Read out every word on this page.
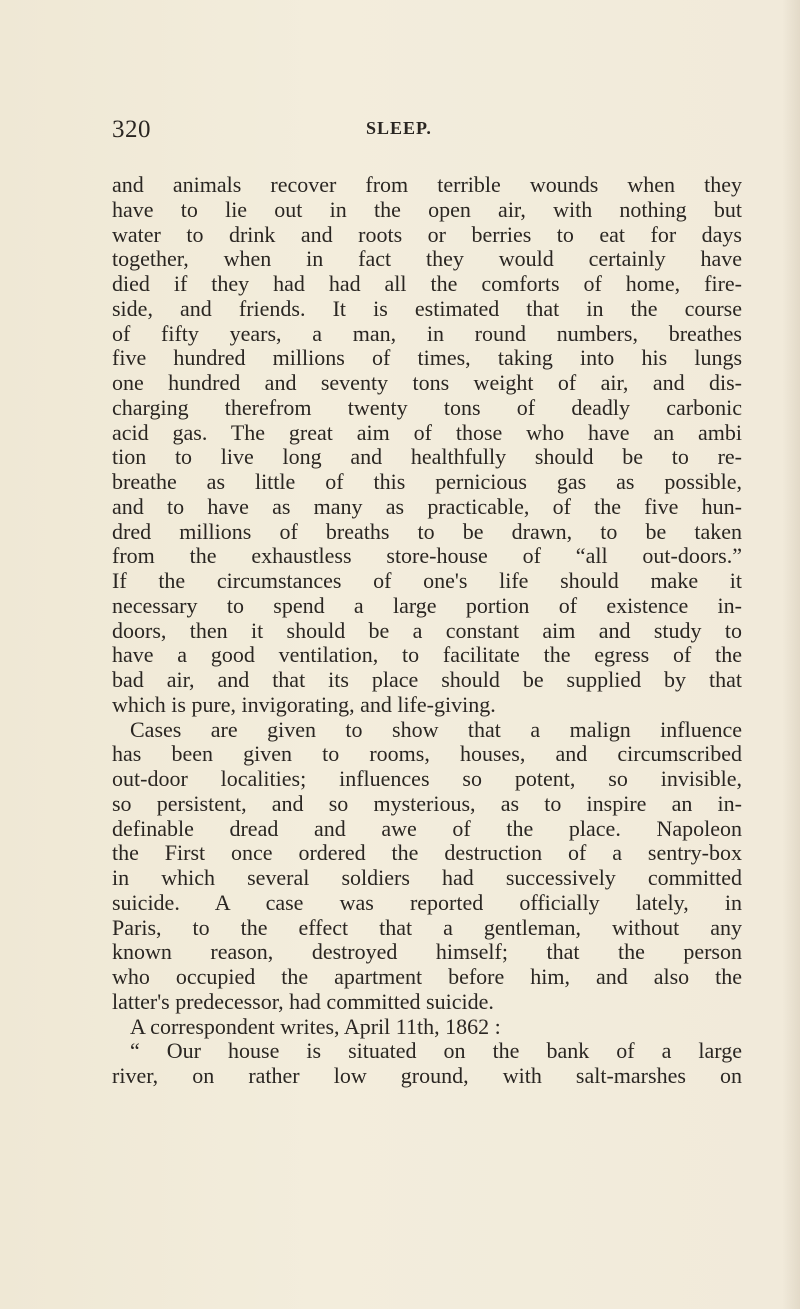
320	SLEEP.
and animals recover from terrible wounds when they
have to lie out in the open air, with nothing but
water to drink and roots or berries to eat for days
together, when in fact they would certainly have
died if they had had all the comforts of home, fire-
side, and friends. It is estimated that in the course
of fifty years, a man, in round numbers, breathes
five hundred millions of times, taking into his lungs
one hundred and seventy tons weight of air, and dis-
charging therefrom twenty tons of deadly carbonic
acid gas. The great aim of those who have an ambi
tion to live long and healthfully should be to re-
breathe as little of this pernicious gas as possible,
and to have as many as practicable, of the five hun-
dred millions of breaths to be drawn, to be taken
from the exhaustless store-house of “all out-doors.”
If the circumstances of one's life should make it
necessary to spend a large portion of existence in-
doors, then it should be a constant aim and study to
have a good ventilation, to facilitate the egress of the
bad air, and that its place should be supplied by that
which is pure, invigorating, and life-giving.
Cases are given to show that a malign influence
has been given to rooms, houses, and circumscribed
out-door localities; influences so potent, so invisible,
so persistent, and so mysterious, as to inspire an in-
definable dread and awe of the place. Napoleon
the First once ordered the destruction of a sentry-box
in which several soldiers had successively committed
suicide. A case was reported officially lately, in
Paris, to the effect that a gentleman, without any
known reason, destroyed himself; that the person
who occupied the apartment before him, and also the
latter's predecessor, had committed suicide.
A correspondent writes, April 11th, 1862 :
“ Our house is situated on the bank of a large
river, on rather low ground, with salt-marshes on
